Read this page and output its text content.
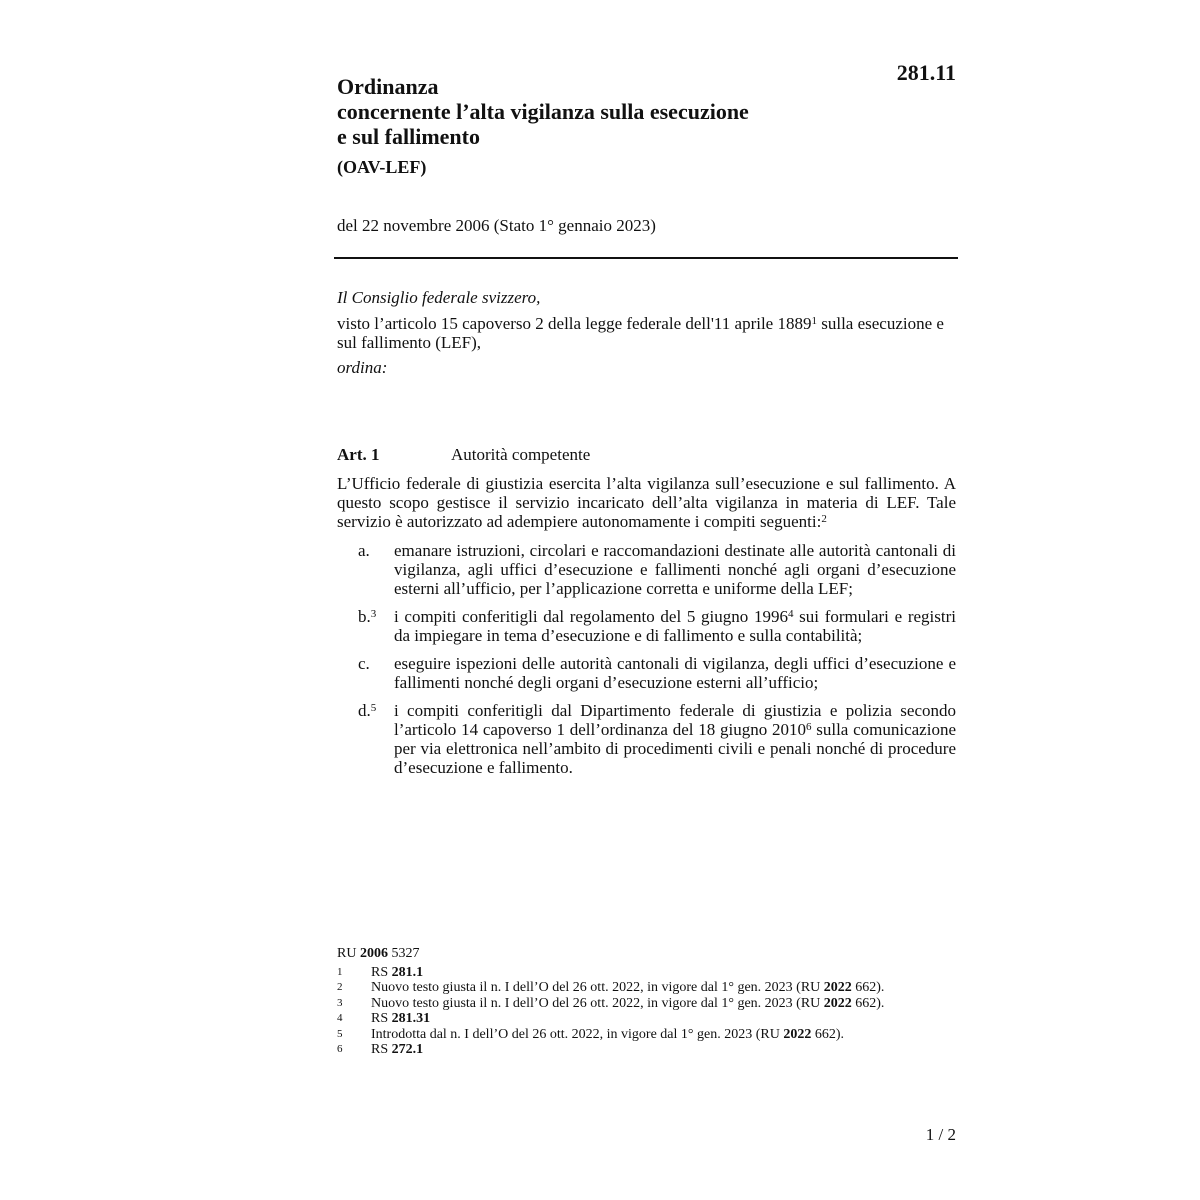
281.11
Ordinanza
concernente l’alta vigilanza sulla esecuzione
e sul fallimento
(OAV-LEF)
del 22 novembre 2006 (Stato 1° gennaio 2023)
Il Consiglio federale svizzero,
visto l’articolo 15 capoverso 2 della legge federale dell'11 aprile 1889$^1$ sulla esecuzione e sul fallimento (LEF),
ordina:
Art. 1	Autorità competente
L’Ufficio federale di giustizia esercita l’alta vigilanza sull’esecuzione e sul fallimento. A questo scopo gestisce il servizio incaricato dell’alta vigilanza in materia di LEF. Tale servizio è autorizzato ad adempiere autonomamente i compiti seguenti:$^2$
a.	emanare istruzioni, circolari e raccomandazioni destinate alle autorità cantonali di vigilanza, agli uffici d’esecuzione e fallimenti nonché agli organi d’esecuzione esterni all’ufficio, per l’applicazione corretta e uniforme della LEF;
b.$^3$	i compiti conferitigli dal regolamento del 5 giugno 1996$^4$ sui formulari e registri da impiegare in tema d’esecuzione e di fallimento e sulla contabilità;
c.	eseguire ispezioni delle autorità cantonali di vigilanza, degli uffici d’esecuzione e fallimenti nonché degli organi d’esecuzione esterni all’ufficio;
d.$^5$	i compiti conferitigli dal Dipartimento federale di giustizia e polizia secondo l’articolo 14 capoverso 1 dell’ordinanza del 18 giugno 2010$^6$ sulla comunicazione per via elettronica nell’ambito di procedimenti civili e penali nonché di procedure d’esecuzione e fallimento.
RU 2006 5327
1	RS 281.1
2	Nuovo testo giusta il n. I dell’O del 26 ott. 2022, in vigore dal 1° gen. 2023 (RU 2022 662).
3	Nuovo testo giusta il n. I dell’O del 26 ott. 2022, in vigore dal 1° gen. 2023 (RU 2022 662).
4	RS 281.31
5	Introdotta dal n. I dell’O del 26 ott. 2022, in vigore dal 1° gen. 2023 (RU 2022 662).
6	RS 272.1
1 / 2
